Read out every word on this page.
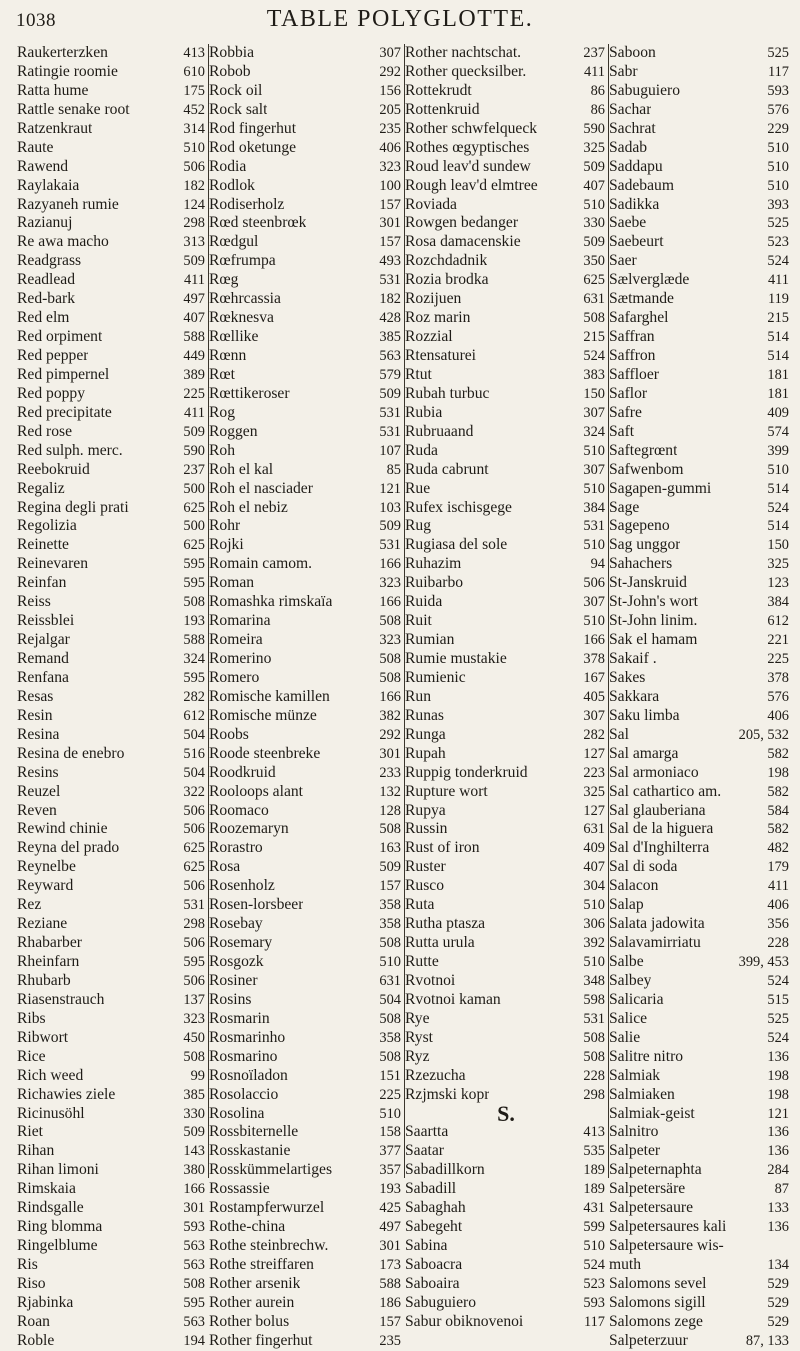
1038	TABLE POLYGLOTTE.
Raukerterzken	413
Ratingie roomie	610
Ratta hume	175
Rattle senake root	452
Ratzenkraut	314
Raute	510
Rawend	506
Raylakaia	182
Razyaneh rumie	124
Razianuj	298
Re awa macho	313
Readgrass	509
Readlead	411
Red-bark	497
Red elm	407
Red orpiment	588
Red pepper	449
Red pimpernel	389
Red poppy	225
Red precipitate	411
Red rose	509
Red sulph. merc.	590
Reebokruid	237
Regaliz	500
Regina degli prati	625
Regolizia	500
Reinette	625
Reinevaren	595
Reinfan	595
Reiss	508
Reissblei	193
Rejalgar	588
Remand	324
Renfana	595
Resas	282
Resin	612
Resina	504
Resina de enebro	516
Resins	504
Reuzel	322
Reven	506
Rewind chinie	506
Reyna del prado	625
Reynelbe	625
Reyward	506
Rez	531
Reziane	298
Rhabarber	506
Rheinfarn	595
Rhubarb	506
Riasenstrauch	137
Ribs	323
Ribwort	450
Rice	508
Rich weed	99
Richawies ziele	385
Ricinusöhl	330
Riet	509
Rihan	143
Rihan limoni	380
Rimskaia	166
Rindsgalle	301
Ring blomma	593
Ringelblume	563
Ris	563
Riso	508
Rjabinka	595
Roan	563
Roble	194
Robbia	307
Robob	292
Rock oil	156
Rock salt	205
Rod fingerhut	235
Rod oketunge	406
Rodia	323
Rodlok	100
Rodiserholz	157
Rœd steenbrœk	301
Rœdgul	157
Rœfrumpa	493
Rœg	531
Rœhrcassia	182
Rœknesva	428
Rœllike	385
Rœnn	563
Rœt	579
Rœttikeroser	509
Rog	531
Roggen	531
Roh	107
Roh el kal	85
Roh el nasciader	121
Roh el nebiz	103
Rohr	509
Rojki	531
Romain camom.	166
Roman	323
Romashka rimskaïa	166
Romarina	508
Romeira	323
Romerino	508
Romero	508
Romische kamillen	166
Romische münze	382
Roobs	292
Roode steenbreke	301
Roodkruid	233
Rooloops alant	132
Roomaco	128
Roozemaryn	508
Rorastro	163
Rosa	509
Rosenholz	157
Rosen-lorsbeer	358
Rosebay	358
Rosemary	508
Rosgozk	510
Rosiner	631
Rosins	504
Rosmarin	508
Rosmarinho	358
Rosmarino	508
Rosnoïladon	151
Rosolaccio	225
Rosolina	510
Rossbiternelle	158
Rosskastanie	377
Rosskümmelartiges	357
Rossassie	193
Rostampferwurzel	425
Rothe-china	497
Rothe steinbrechw.	301
Rothe streiffaren	173
Rother arsenik	588
Rother aurein	186
Rother bolus	157
Rother fingerhut	235
Rother nachtschat.	237
Rother quecksilber.	411
Rottekrudt	86
Rottenkruid	86
Rother schwfelqueck	590
Rothes œgyptisches	325
Roud leav'd sundew	509
Rough leav'd elmtree	407
Roviada	510
Rowgen bedanger	330
Rosa damacenskie	509
Rozchdadnik	350
Rozia brodka	625
Rozijuen	631
Roz marin	508
Rozzial	215
Rtensaturei	524
Rtut	383
Rubah turbuc	150
Rubia	307
Rubruaand	324
Ruda	510
Ruda cabrunt	307
Rue	510
Rufex ischisgege	384
Rug	531
Rugiasa del sole	510
Ruhazim	94
Ruibarbo	506
Ruida	307
Ruit	510
Rumian	166
Rumie mustakie	378
Rumienic	167
Run	405
Runas	307
Runga	282
Rupah	127
Ruppig tonderkruid	223
Rupture wort	325
Rupya	127
Russin	631
Rust of iron	409
Ruster	407
Rusco	304
Ruta	510
Rutha ptasza	306
Rutta urula	392
Rutte	510
Rvotnoi	348
Rvotnoi kaman	598
Rye	531
Ryst	508
Ryz	508
Rzezucha	228
Rzjmski kopr	298
S.
Saartta	413
Saatar	535
Sabadillkorn	189
Sabadill	189
Sabaghah	431
Sabegeht	599
Sabina	510
Saboacra	524
Saboaira	523
Sabuguiero	593
Sabur obiknovenoi	117
Saboon	525
Sabr	117
Sabuguiero	593
Sachar	576
Sachrat	229
Sadab	510
Saddapu	510
Sadebaum	510
Sadikka	393
Saebe	525
Saebeurt	523
Saer	524
Sælverglæde	411
Sætmande	119
Safarghel	215
Saffran	514
Saffron	514
Saffloer	181
Saflor	181
Safre	409
Saft	574
Saftegrœnt	399
Safwenbom	510
Sagapen-gummi	514
Sage	524
Sagepeno	514
Sag unggor	150
Sahachers	325
St-Janskruid	123
St-John's wort	384
St-John linim.	612
Sak el hamam	221
Sakaif .	225
Sakes	378
Sakkara	576
Saku limba	406
Sal	205, 532
Sal amarga	582
Sal armoniaco	198
Sal cathartico am.	582
Sal glauberiana	584
Sal de la higuera	582
Sal d'Inghilterra	482
Sal di soda	179
Salacon	411
Salap	406
Salata jadowita	356
Salavamirriatu	228
Salbe	399, 453
Salbey	524
Salicaria	515
Salice	525
Salie	524
Salitre nitro	136
Salmiak	198
Salmiaken	198
Salmiak-geist	121
Salnitro	136
Salpeter	136
Salpeternaphta	284
Salpetersäre	87
Salpetersaure	133
Salpetersaures kali	136
Salpetersaure wis-
muth	134
Salomons sevel	529
Salomons sigill	529
Salomons zege	529
Salpeterzuur	87, 133
